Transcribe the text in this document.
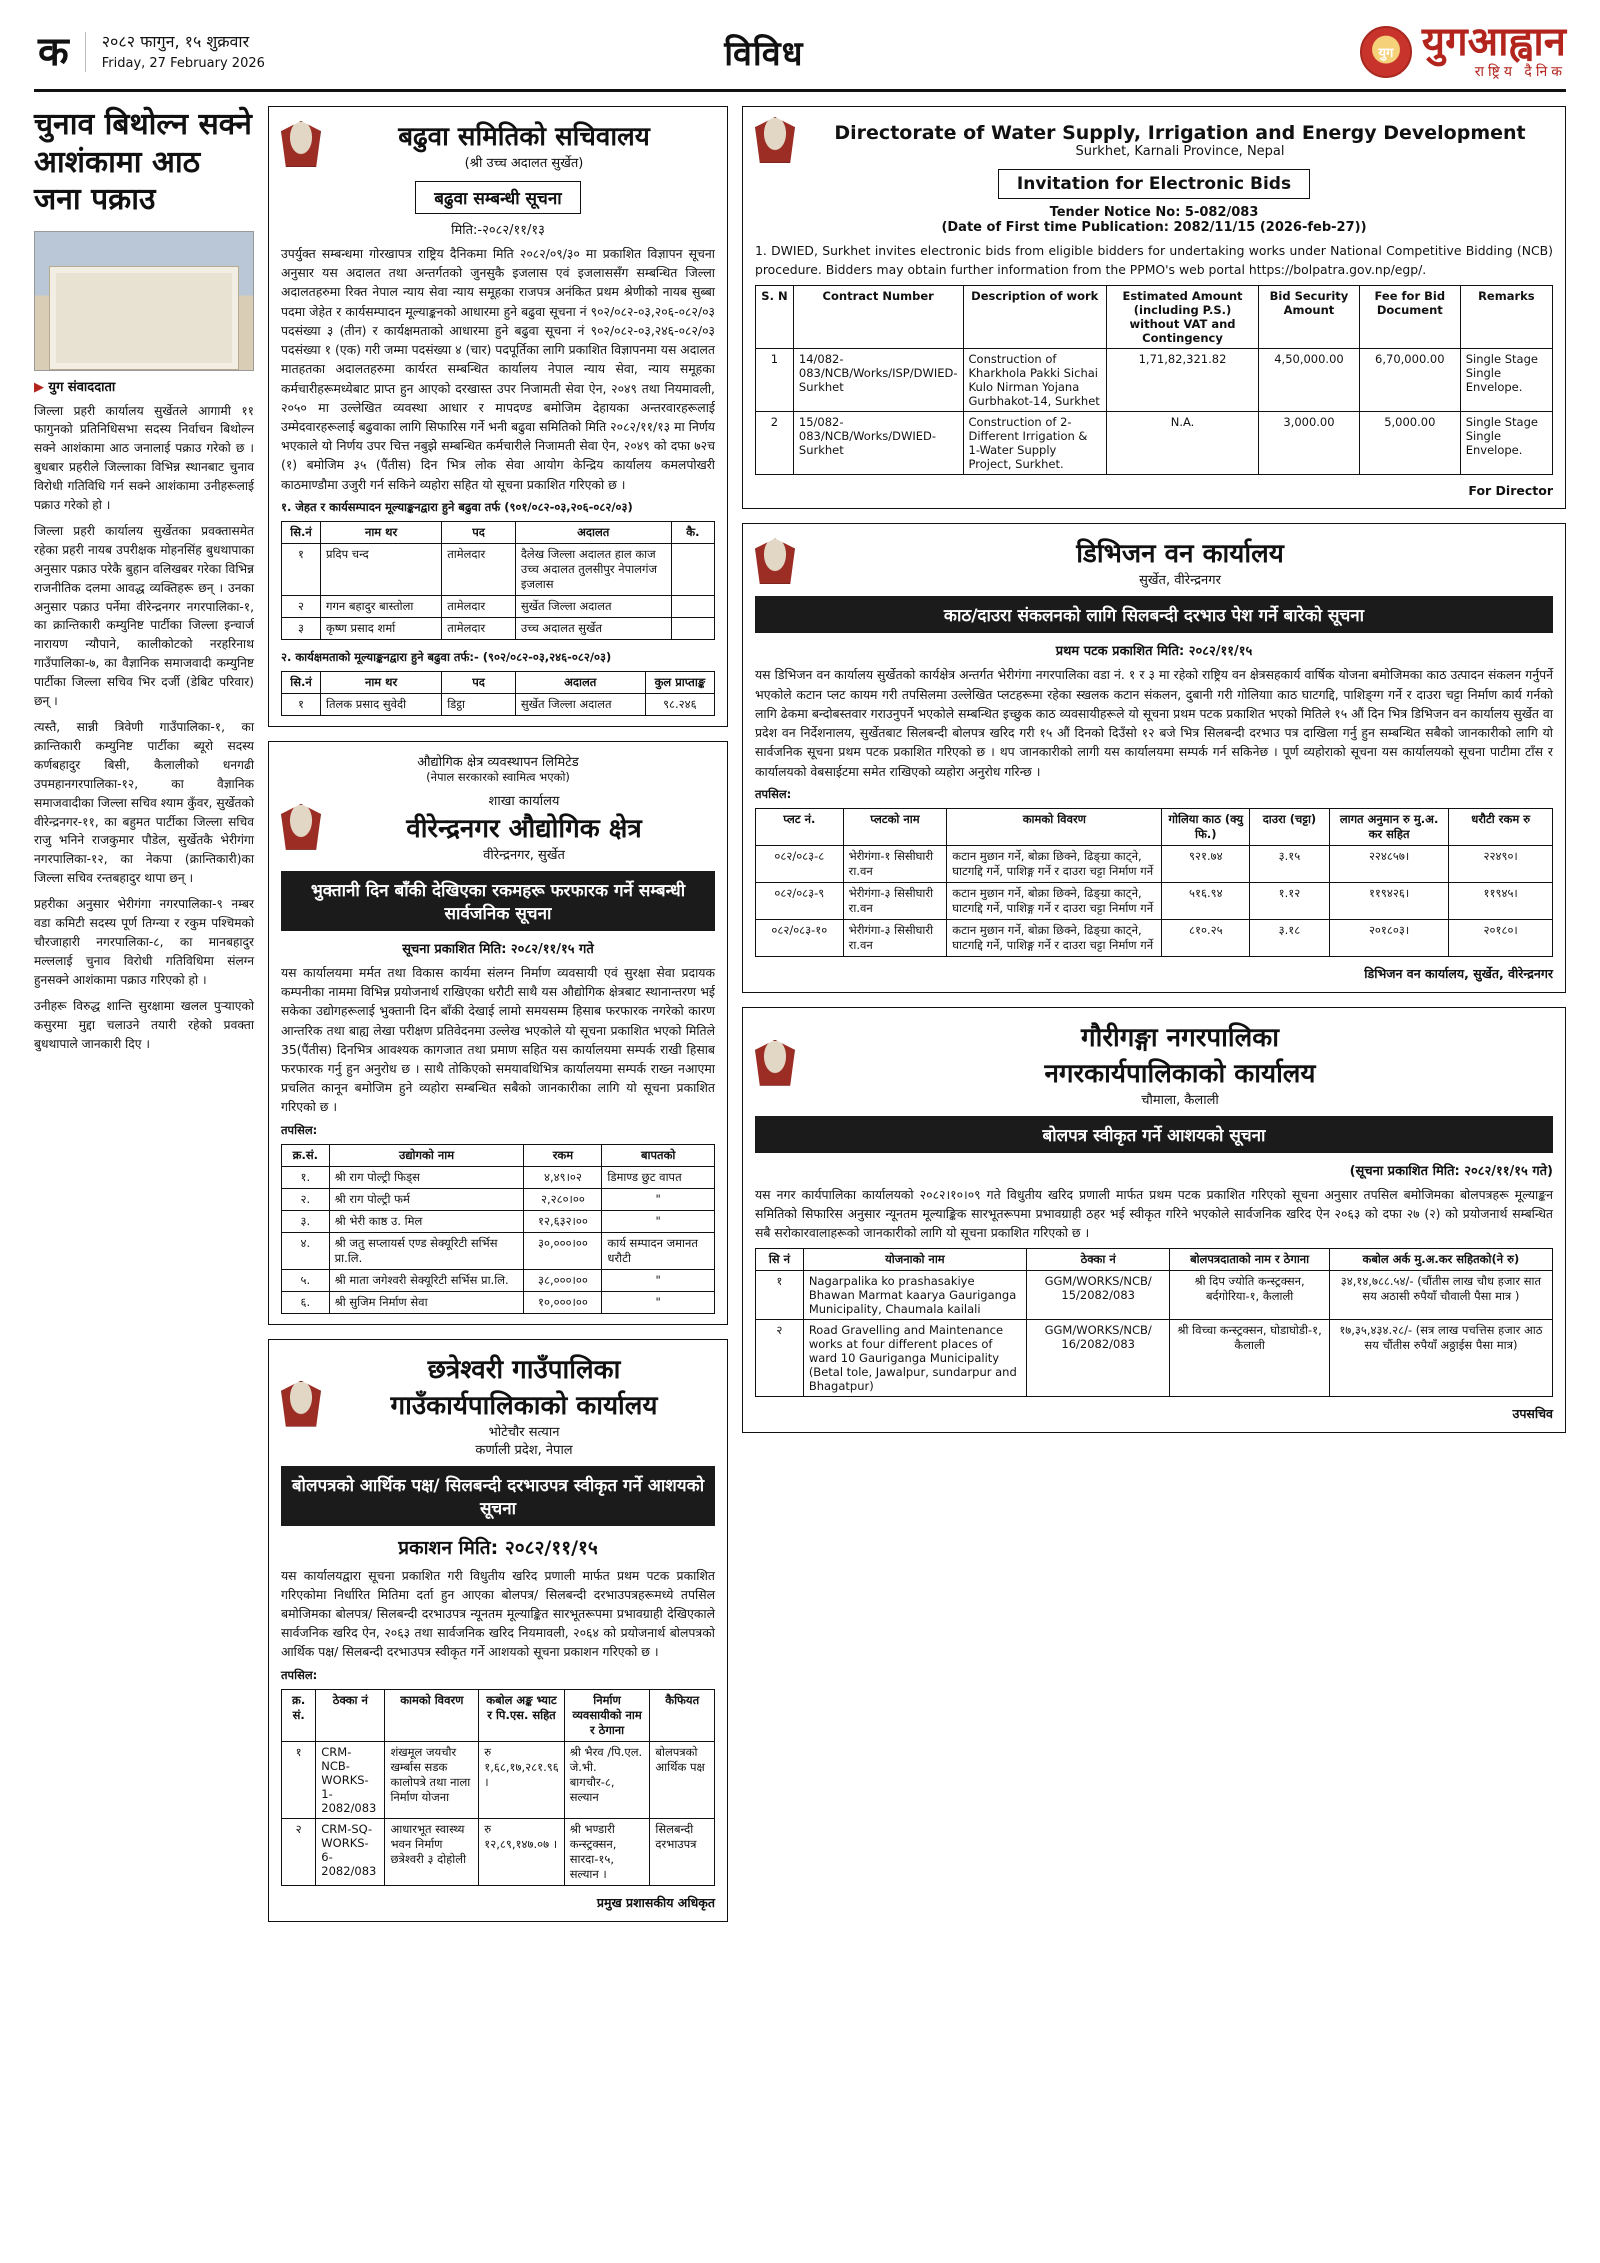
क	२०८२ फागुन, १५ शुक्रवार
Friday, 27 February 2026	विविध	युग युगआह्वान
राष्ट्रिय दैनिक
चुनाव बिथोल्न सक्ने आशंकामा आठ जना पक्राउ
▶ युग संवाददाता

जिल्ला प्रहरी कार्यालय सुर्खेतले आगामी ११ फागुनको प्रतिनिधिसभा सदस्य निर्वाचन बिथोल्न सक्ने आशंकामा आठ जनालाई पक्राउ गरेको छ । बुधबार प्रहरीले जिल्लाका विभिन्न स्थानबाट चुनाव विरोधी गतिविधि गर्न सक्ने आशंकामा उनीहरूलाई पक्राउ गरेको हो ।

जिल्ला प्रहरी कार्यालय सुर्खेतका प्रवक्तासमेत रहेका प्रहरी नायब उपरीक्षक मोहनसिंह बुधथापाका अनुसार पक्राउ परेकै बुहान वलिखबर गरेका विभिन्न राजनीतिक दलमा आवद्ध व्यक्तिहरू छन् । उनका अनुसार पक्राउ पर्नेमा वीरेन्द्रनगर नगरपालिका-१, का क्रान्तिकारी कम्युनिष्ट पार्टीका जिल्ला इन्चार्ज नारायण न्यौपाने, कालीकोटको नरहरिनाथ गाउँपालिका-७, का वैज्ञानिक समाजवादी कम्युनिष्ट पार्टीका जिल्ला सचिव भिर दर्जी (डेबिट परिवार) छन् ।

त्यस्तै, सान्नी त्रिवेणी गाउँपालिका-१, का क्रान्तिकारी कम्युनिष्ट पार्टीका ब्यूरो सदस्य कर्णबहादुर बिसी, कैलालीको धनगढी उपमहानगरपालिका-१२, का वैज्ञानिक समाजवादीका जिल्ला सचिव श्याम कुँवर, सुर्खेतको वीरेन्द्रनगर-११, का बहुमत पार्टीका जिल्ला सचिव राजु भनिने राजकुमार पौडेल, सुर्खेतकै भेरीगंगा नगरपालिका-१२, का नेकपा (क्रान्तिकारी)का जिल्ला सचिव रन्तबहादुर थापा छन् ।

प्रहरीका अनुसार भेरीगंगा नगरपालिका-९ नम्बर वडा कमिटी सदस्य पूर्ण तिग्न्या र रकुम पश्चिमको चौरजाहारी नगरपालिका-८, का मानबहादुर मल्ललाई चुनाव विरोधी गतिविधिमा संलग्न हुनसक्ने आशंकामा पक्राउ गरिएको हो ।

उनीहरू विरुद्ध शान्ति सुरक्षामा खलल पुऱ्याएको कसुरमा मुद्दा चलाउने तयारी रहेको प्रवक्ता बुधथापाले जानकारी दिए ।

बढुवा समितिको सचिवालय
(श्री उच्च अदालत सुर्खेत)
बढुवा सम्बन्धी सूचना
मिति:-२०८२/११/१३

उपर्युक्त सम्बन्धमा गोरखापत्र राष्ट्रिय दैनिकमा मिति २०८२/०९/३० मा प्रकाशित विज्ञापन सूचना अनुसार यस अदालत तथा अन्तर्गतको जुनसुकै इजलास एवं इजलाससँग सम्बन्धित जिल्ला अदालतहरुमा रिक्त नेपाल न्याय सेवा न्याय समूहका राजपत्र अनंकित प्रथम श्रेणीको नायब सुब्बा पदमा जेहेत र कार्यसम्पादन मूल्याङ्कनको आधारमा हुने बढुवा सूचना नं ९०२/०८२-०३,२०६-०८२/०३ पदसंख्या ३ (तीन) र कार्यक्षमताको आधारमा हुने बढुवा सूचना नं ९०२/०८२-०३,२४६-०८२/०३ पदसंख्या १ (एक) गरी जम्मा पदसंख्या ४ (चार) पदपूर्तिका लागि प्रकाशित विज्ञापनमा यस अदालत मातहतका अदालतहरुमा कार्यरत सम्बन्धित कार्यालय नेपाल न्याय सेवा, न्याय समूहका कर्मचारीहरूमध्येबाट प्राप्त हुन आएको दरखास्त उपर निजामती सेवा ऐन, २०४९ तथा नियमावली, २०५० मा उल्लेखित व्यवस्था आधार र मापदण्ड बमोजिम देहायका अन्तरवारहरूलाई उम्मेदवारहरूलाई बढुवाका लागि सिफारिस गर्ने भनी बढुवा समितिको मिति २०८२/११/१३ मा निर्णय भएकाले यो निर्णय उपर चित्त नबुझेे सम्बन्धित कर्मचारीले निजामती सेवा ऐन, २०४९ को दफा ७२च (१) बमोजिम ३५ (पैंतीस) दिन भित्र लोक सेवा आयोग केन्द्रिय कार्यालय कमलपोखरी काठमाण्डौमा उजुरी गर्न सकिने व्यहोरा सहित यो सूचना प्रकाशित गरिएको छ ।

१. जेहत र कार्यसम्पादन मूल्याङ्कनद्वारा हुने बढुवा तर्फ (९०१/०८२-०३,२०६-०८२/०३)
सि.नं	नाम थर	पद	अदालत	कै.
१	प्रदिप चन्द	तामेलदार	दैलेख जिल्ला अदालत हाल काज उच्च अदालत तुलसीपुर नेपालगंज इजलास	
२	गगन बहादुर बास्तोला	तामेलदार	सुर्खेत जिल्ला अदालत	
३	कृष्ण प्रसाद शर्मा	तामेलदार	उच्च अदालत सुर्खेत	
२. कार्यक्षमताको मूल्याङ्कनद्वारा हुने बढुवा तर्फ:- (९०२/०८२-०३,२४६-०८२/०३)
सि.नं	नाम थर	पद	अदालत	कुल प्राप्ताङ्क
१	तिलक प्रसाद सुवेदी	डिट्ठा	सुर्खेत जिल्ला अदालत	९८.२४६
औद्योगिक क्षेत्र व्यवस्थापन लिमिटेड
(नेपाल सरकारको स्वामित्व भएको)
शाखा कार्यालय
वीरेन्द्रनगर औद्योगिक क्षेत्र
वीरेन्द्रनगर, सुर्खेत
भुक्तानी दिन बाँकी देखिएका रकमहरू फरफारक गर्ने सम्बन्धी सार्वजनिक सूचना
सूचना प्रकाशित मिति: २०८२/११/१५ गते

यस कार्यालयमा मर्मत तथा विकास कार्यमा संलग्न निर्माण व्यवसायी एवं सुरक्षा सेवा प्रदायक कम्पनीका नाममा विभिन्न प्रयोजनार्थ राखिएका धरौटी साथै यस औद्योगिक क्षेत्रबाट स्थानान्तरण भई सकेका उद्योगहरूलाई भुक्तानी दिन बाँकी देखाई लामो समयसम्म हिसाब फरफारक नगरेको कारण आन्तरिक तथा बाह्य लेखा परीक्षण प्रतिवेदनमा उल्लेख भएकोले यो सूचना प्रकाशित भएको मितिले 35(पैंतीस) दिनभित्र आवश्यक कागजात तथा प्रमाण सहित यस कार्यालयमा सम्पर्क राखी हिसाब फरफारक गर्नु हुन अनुरोध छ । साथै तोकिएको समयावधिभित्र कार्यालयमा सम्पर्क राख्न नआएमा प्रचलित कानून बमोजिम हुने व्यहोरा सम्बन्धित सबैको जानकारीका लागि यो सूचना प्रकाशित गरिएको छ ।

तपसिल:
क्र.सं.	उद्योगको नाम	रकम	बापतको
१.	श्री राग पोल्ट्री फिड्स	४,४९।०२	डिमाण्ड छुट वापत
२.	श्री राग पोल्ट्री फर्म	२,२८०।००	"
३.	श्री भेरी काष्ठ उ. मिल	१२,६३२।००	"
४.	श्री जतु सप्लायर्स एण्ड सेक्यूरिटी सर्भिस प्रा.लि.	३०,०००।००	कार्य सम्पादन जमानत धरौटी
५.	श्री माता जगेश्वरी सेक्यूरिटी सर्भिस प्रा.लि.	३८,०००।००	"
६.	श्री सुजिम निर्माण सेवा	१०,०००।००	"
छत्रेश्वरी गाउँपालिका
गाउँकार्यपालिकाको कार्यालय
भोटेचौर सत्यान
कर्णाली प्रदेश, नेपाल
बोलपत्रको आर्थिक पक्ष/ सिलबन्दी दरभाउपत्र स्वीकृत गर्ने आशयको सूचना
प्रकाशन मिति: २०८२/११/१५

यस कार्यालयद्वारा सूचना प्रकाशित गरी विधुतीय खरिद प्रणाली मार्फत प्रथम पटक प्रकाशित गरिएकोमा निर्धारित मितिमा दर्ता हुन आएका बोलपत्र/ सिलबन्दी दरभाउपत्रहरूमध्ये तपसिल बमोजिमका बोलपत्र/ सिलबन्दी दरभाउपत्र न्यूनतम मूल्याङ्कित सारभूतरूपमा प्रभावग्राही देखिएकाले सार्वजनिक खरिद ऐन, २०६३ तथा सार्वजनिक खरिद नियमावली, २०६४ को प्रयोजनार्थ बोलपत्रको आर्थिक पक्ष/ सिलबन्दी दरभाउपत्र स्वीकृत गर्ने आशयको सूचना प्रकाशन गरिएको छ ।

तपसिल:
क्र. सं.	ठेक्का नं	कामको विवरण	कबोल अङ्क भ्याट र पि.एस. सहित	निर्माण व्यवसायीको नाम र ठेगाना	कैफियत
१	CRM-NCB-WORKS-1-2082/083	शंखमूल जयचौर खर्म्बास सडक कालोपत्रे तथा नाला निर्माण योजना	रु १,६८,१७,२८१.९६ ।	श्री भैरव /पि.एल. जे.भी. बागचौर-८, सल्यान	बोलपत्रको आर्थिक पक्ष
२	CRM-SQ-WORKS-6-2082/083	आधारभूत स्वास्थ्य भवन निर्माण छत्रेश्वरी ३ दोहोली	रु १२,८९,१४७.०७ ।	श्री भण्डारी कन्स्ट्रक्सन, सारदा-१५, सल्यान ।	सिलबन्दी दरभाउपत्र
प्रमुख प्रशासकीय अधिकृत
Directorate of Water Supply, Irrigation and Energy Development
Surkhet, Karnali Province, Nepal
Invitation for Electronic Bids
Tender Notice No: 5-082/083
(Date of First time Publication: 2082/11/15 (2026-feb-27))

1. DWIED, Surkhet invites electronic bids from eligible bidders for undertaking works under National Competitive Bidding (NCB) procedure. Bidders may obtain further information from the PPMO's web portal https://bolpatra.gov.np/egp/.

S. N	Contract Number	Description of work	Estimated Amount (including P.S.) without VAT and Contingency	Bid Security Amount	Fee for Bid Document	Remarks
1	14/082-083/NCB/Works/ISP/DWIED-Surkhet	Construction of Kharkhola Pakki Sichai Kulo Nirman Yojana Gurbhakot-14, Surkhet	1,71,82,321.82	4,50,000.00	6,70,000.00	Single Stage Single Envelope.
2	15/082-083/NCB/Works/DWIED-Surkhet	Construction of 2-Different Irrigation & 1-Water Supply Project, Surkhet.	N.A.	3,000.00	5,000.00	Single Stage Single Envelope.
For Director
डिभिजन वन कार्यालय
सुर्खेत, वीरेन्द्रनगर
काठ/दाउरा संकलनको लागि सिलबन्दी दरभाउ पेश गर्ने बारेको सूचना
प्रथम पटक प्रकाशित मिति: २०८२/११/१५

यस डिभिजन वन कार्यालय सुर्खेतको कार्यक्षेत्र अन्तर्गत भेरीगंगा नगरपालिका वडा नं. १ र ३ मा रहेको राष्ट्रिय वन क्षेत्रसहकार्य वार्षिक योजना बमोजिमका काठ उत्पादन संकलन गर्नुपर्ने भएकोले कटान प्लट कायम गरी तपसिलमा उल्लेखित प्लटहरूमा रहेका स्खलक कटान संकलन, दुबानी गरी गोलियाा काठ घाटगद्दि, पाशिङ्ग्ग गर्ने र दाउरा चट्टा निर्माण कार्य गर्नको लागि ढेकमा बन्दोबस्तवार गराउनुपर्ने भएकोले सम्बन्धित इच्छुक काठ व्यवसायीहरूले यो सूचना प्रथम पटक प्रकाशित भएको मितिले १५ औं दिन भित्र डिभिजन वन कार्यालय सुर्खेत वा प्रदेश वन निर्देशनालय, सुर्खेतबाट सिलबन्दी बोलपत्र खरिद गरी १५ औं दिनको दिउँसो १२ बजे भित्र सिलबन्दी दरभाउ पत्र दाखिला गर्नु हुन सम्बन्धित सबैको जानकारीको लागि यो सार्वजनिक सूचना प्रथम पटक प्रकाशित गरिएको छ । थप जानकारीको लागी यस कार्यालयमा सम्पर्क गर्न सकिनेछ । पूर्ण व्यहोराको सूचना यस कार्यालयको सूचना पाटीमा टाँस र कार्यालयको वेबसाईटमा समेत राखिएको व्यहोरा अनुरोध गरिन्छ ।

तपसिल:
प्लट नं.	प्लटको नाम	कामको विवरण	गोलिया काठ (क्यु फि.)	दाउरा (चट्टा)	लागत अनुमान रु मु.अ. कर सहित	धरौटी रकम रु
०८२/०८३-८	भेरीगंगा-१ सिसीघारी रा.वन	कटान मुछान गर्ने, बोक्रा छिक्ने, ढिङ्ग्रा काट्ने, घाटगद्दि गर्ने, पाशिङ्ग गर्ने र दाउरा चट्टा निर्माण गर्ने	९२१.७४	३.१५	२२४८५७।	२२४९०।
०८२/०८३-९	भेरीगंगा-३ सिसीघारी रा.वन	कटान मुछान गर्ने, बोक्रा छिक्ने, ढिङ्ग्रा काट्ने, घाटगद्दि गर्ने, पाशिङ्ग गर्ने र दाउरा चट्टा निर्माण गर्ने	५१६.९४	१.१२	११९४२६।	११९४५।
०८२/०८३-१०	भेरीगंगा-३ सिसीघारी रा.वन	कटान मुछान गर्ने, बोक्रा छिक्ने, ढिङ्ग्रा काट्ने, घाटगद्दि गर्ने, पाशिङ्ग गर्ने र दाउरा चट्टा निर्माण गर्ने	८१०.२५	३.१८	२०१८०३।	२०१८०।
डिभिजन वन कार्यालय, सुर्खेत, वीरेन्द्रनगर
गौरीगङ्गा नगरपालिका
नगरकार्यपालिकाको कार्यालय
चौमाला, कैलाली
बोलपत्र स्वीकृत गर्ने आशयको सूचना
(सूचना प्रकाशित मिति: २०८२/११/१५ गते)

यस नगर कार्यपालिका कार्यालयको २०८२।१०।०९ गते विधुतीय खरिद प्रणाली मार्फत प्रथम पटक प्रकाशित गरिएको सूचना अनुसार तपसिल बमोजिमका बोलपत्रहरू मूल्याङ्कन समितिको सिफारिस अनुसार न्यूनतम मूल्याङ्किक सारभूतरूपमा प्रभावग्राही ठहर भई स्वीकृत गरिने भएकोले सार्वजनिक खरिद ऐन २०६३ को दफा २७ (२) को प्रयोजनार्थ सम्बन्धित सबै सरोकारवालाहरूको जानकारीको लागि यो सूचना प्रकाशित गरिएको छ ।

सि नं	योजनाको नाम	ठेक्का नं	बोलपत्रदाताको नाम र ठेगाना	कबोल अर्क मु.अ.कर सहितको(ने रु)
१	Nagarpalika ko prashasakiye Bhawan Marmat kaarya Gauriganga Municipality, Chaumala kailali	GGM/WORKS/NCB/ 15/2082/083	श्री दिप ज्योति कन्स्ट्रक्सन, बर्दगोरिया-१, कैलाली	३४,१४,७८८.५४/- (चौंतीस लाख चौध हजार सात सय अठासी रुपैयाँ चौवाली पैसा मात्र )
२	Road Gravelling and Maintenance works at four different places of ward 10 Gauriganga Municipality (Betal tole, Jawalpur, sundarpur and Bhagatpur)	GGM/WORKS/NCB/ 16/2082/083	श्री विच्चा कन्स्ट्रक्सन, घोडाघोडी-१, कैलाली	१७,३५,४३४.२८/- (सत्र लाख पचत्तिस हजार आठ सय चौंतीस रुपैयाँ अठ्ठाईस पैसा मात्र)
उपसचिव
